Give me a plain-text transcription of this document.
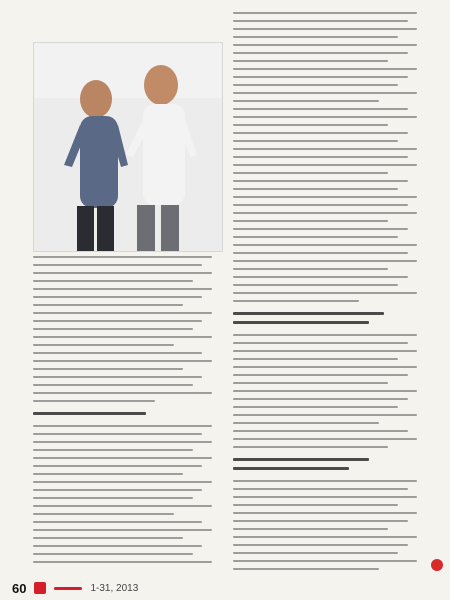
60	1-31, 2013
